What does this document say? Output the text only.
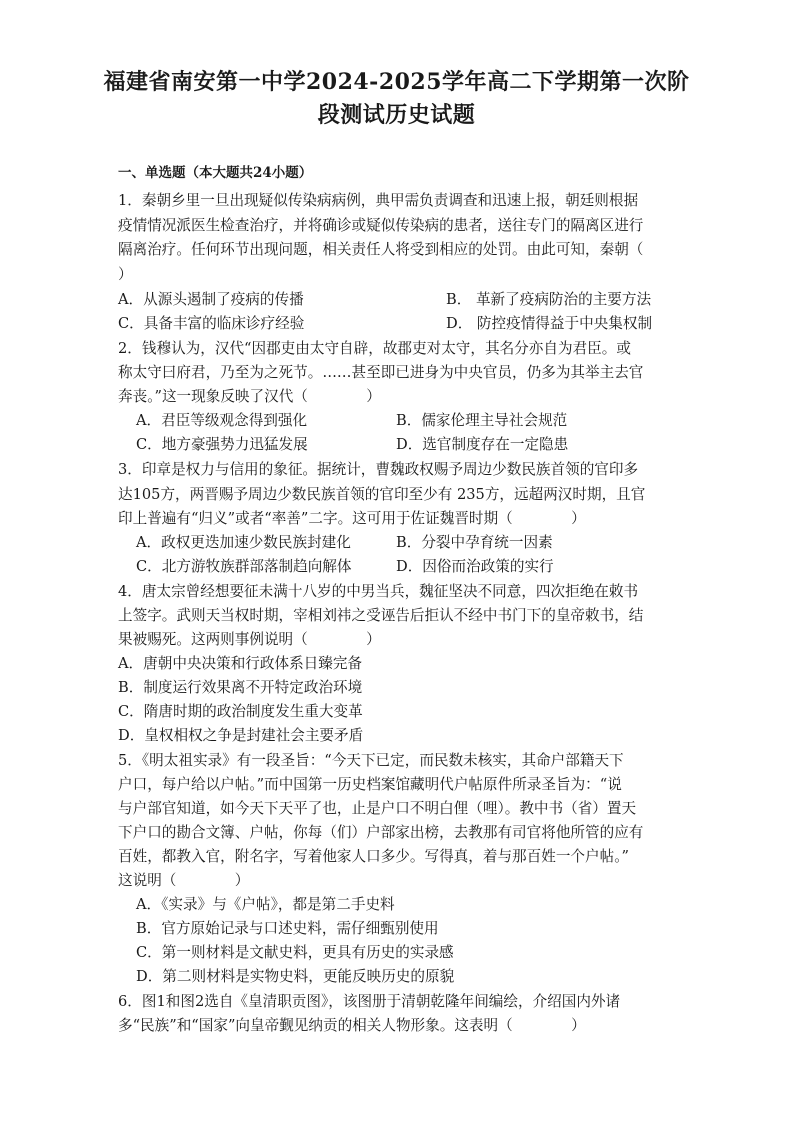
福建省南安第一中学2024-2025学年高二下学期第一次阶
段测试历史试题
一、单选题（本大题共24小题）
1．秦朝乡里一旦出现疑似传染病病例，典甲需负责调查和迅速上报，朝廷则根据
疫情情况派医生检查治疗，并将确诊或疑似传染病的患者，送往专门的隔离区进行
隔离治疗。任何环节出现问题，相关责任人将受到相应的处罚。由此可知，秦朝（
）
A．从源头遏制了疫病的传播	B． 革新了疫病防治的主要方法
C．具备丰富的临床诊疗经验	D． 防控疫情得益于中央集权制
2．钱穆认为，汉代“因郡吏由太守自辟，故郡吏对太守，其名分亦自为君臣。或
称太守曰府君，乃至为之死节。……甚至即已进身为中央官员，仍多为其举主去官
奔丧。”这一现象反映了汉代（　　　　）
A．君臣等级观念得到强化	B．儒家伦理主导社会规范
C．地方豪强势力迅猛发展	D．选官制度存在一定隐患
3．印章是权力与信用的象征。据统计，曹魏政权赐予周边少数民族首领的官印多
达105方，两晋赐予周边少数民族首领的官印至少有 235方，远超两汉时期，且官
印上普遍有“归义”或者“率善”二字。这可用于佐证魏晋时期（　　　　）
A．政权更迭加速少数民族封建化	B．分裂中孕育统一因素
C．北方游牧族群部落制趋向解体	D．因俗而治政策的实行
4．唐太宗曾经想要征未满十八岁的中男当兵，魏征坚决不同意，四次拒绝在敕书
上签字。武则天当权时期，宰相刘祎之受诬告后拒认不经中书门下的皇帝敕书，结
果被赐死。这两则事例说明（　　　　）
A．唐朝中央决策和行政体系日臻完备
B．制度运行效果离不开特定政治环境
C．隋唐时期的政治制度发生重大变革
D．皇权相权之争是封建社会主要矛盾
5．《明太祖实录》有一段圣旨：“今天下已定，而民数未核实，其命户部籍天下
户口，每户给以户帖。”而中国第一历史档案馆藏明代户帖原件所录圣旨为：“说
与户部官知道，如今天下天平了也，止是户口不明白俚（哩）。教中书（省）置天
下户口的勘合文簿、户帖，你每（们）户部家出榜，去教那有司官将他所管的应有
百姓，都教入官，附名字，写着他家人口多少。写得真，着与那百姓一个户帖。”
这说明（　　　　）
A．《实录》与《户帖》，都是第二手史料
B．官方原始记录与口述史料，需仔细甄别使用
C．第一则材料是文献史料，更具有历史的实录感
D．第二则材料是实物史料，更能反映历史的原貌
6．图1和图2选自《皇清职贡图》，该图册于清朝乾隆年间编绘，介绍国内外诸
多“民族”和“国家”向皇帝觐见纳贡的相关人物形象。这表明（　　　　）
